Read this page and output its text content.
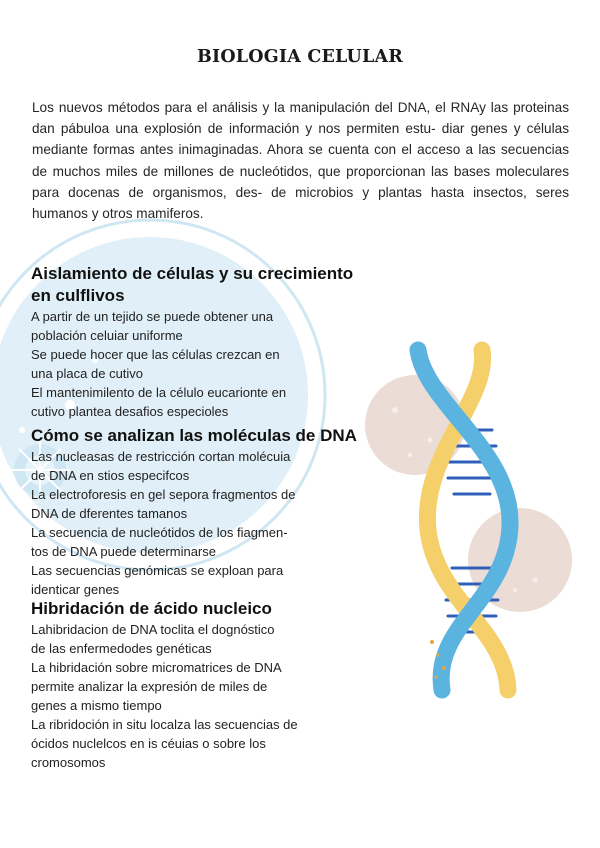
BIOLOGIA CELULAR
Los nuevos métodos para el análisis y la manipulación del DNA, el RNAy las proteinas dan pábuloa una explosión de información y nos permiten estu- diar genes y células mediante formas antes inimaginadas. Ahora se cuenta con el acceso a las secuencias de muchos miles de millones de nucleótidos, que proporcionan las bases moleculares para docenas de organismos, des- de microbios y plantas hasta insectos, seres humanos y otros mamiferos.
Aislamiento de células y su crecimiento
en culflivos
A partir de un tejido se puede obtener una
población celuiar uniforme
Se puede hocer que las células crezcan en
una placa de cutivo
El mantenimilento de la célulo eucarionte en
cutivo plantea desafios especioles
Cómo se analizan las moléculas de DNA
Las nucleasas de restricción cortan molécuia
de DNA en stios especifcos
La electroforesis en gel sepora fragmentos de
DNA de dferentes tamanos
La secuencia de nucleótidos de los fiagmen-
tos de DNA puede determinarse
Las secuencias genómicas se exploan para
identicar genes
Hibridación de ácido nucleico
Lahibridacion de DNA toclita el dognóstico
de las enfermedodes genéticas
La hibridación sobre micromatrices de DNA
permite analizar la expresión de miles de
genes a mismo tiempo
La ribridoción in situ localza las secuencias de
ócidos nuclelcos en is céuias o sobre los
cromosomos
